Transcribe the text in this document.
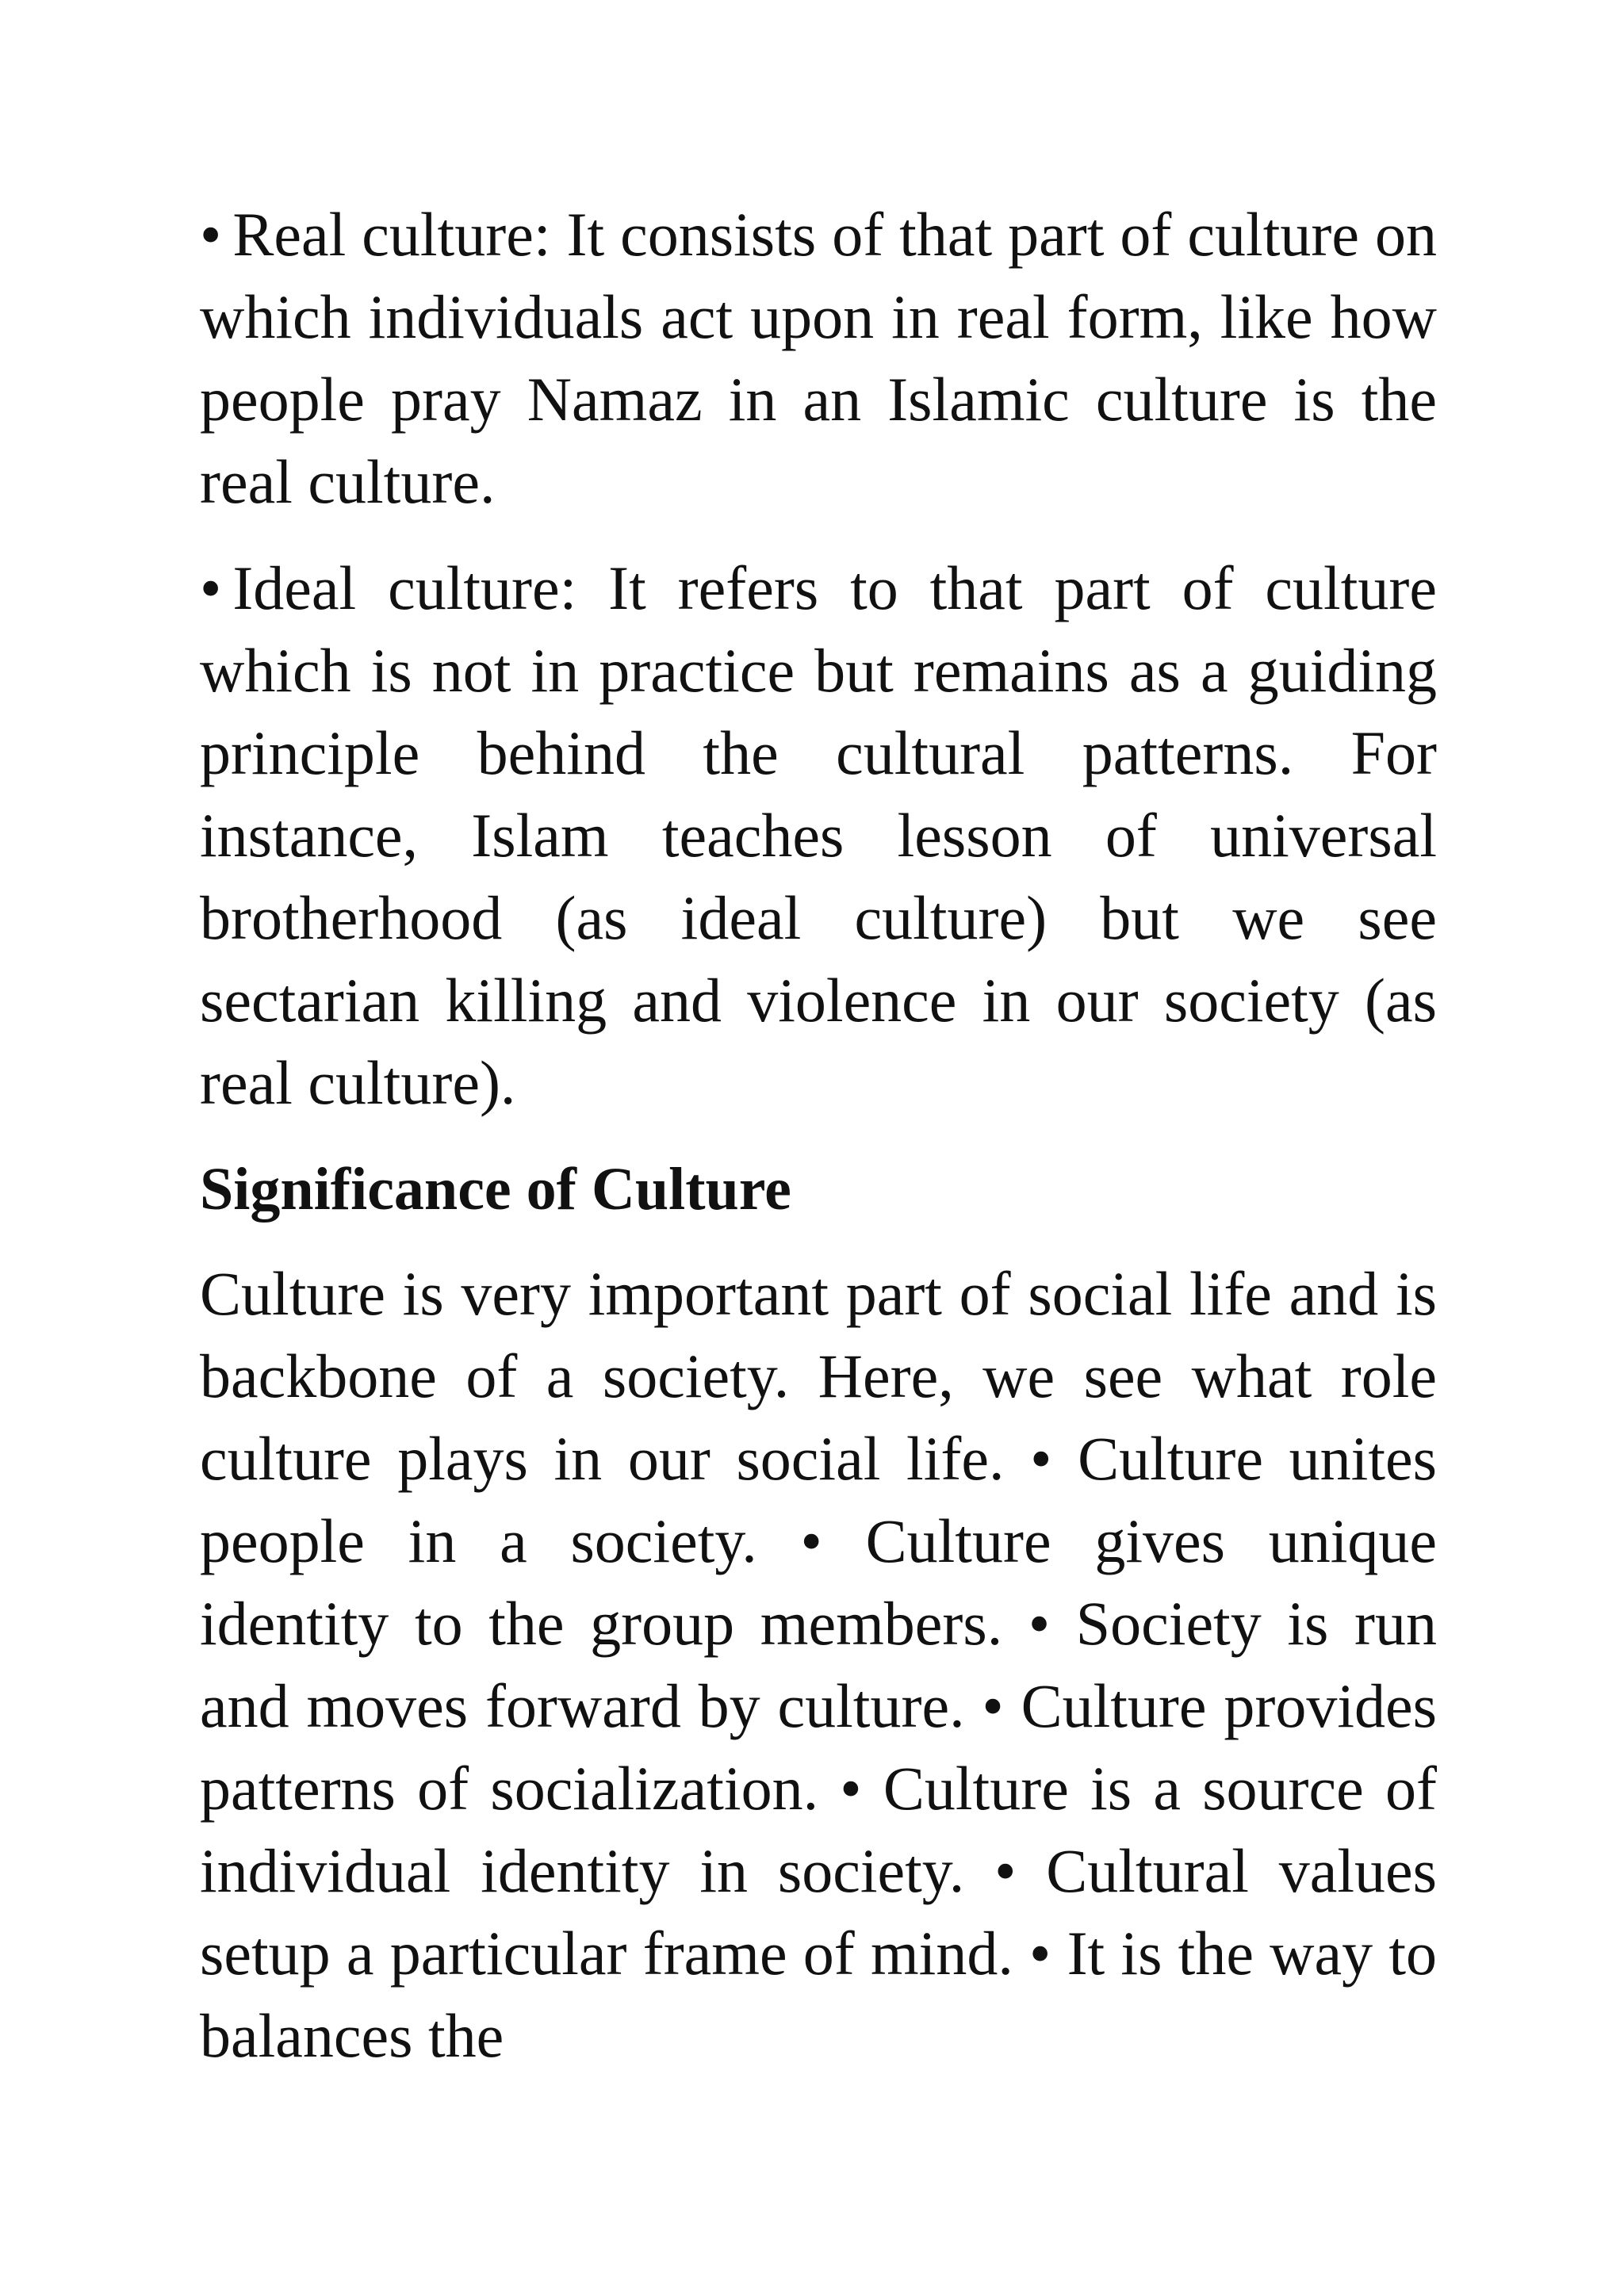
• Real culture: It consists of that part of culture on which individuals act upon in real form, like how people pray Namaz in an Islamic culture is the real culture.

• Ideal culture: It refers to that part of culture which is not in practice but remains as a guiding principle behind the cultural patterns. For instance, Islam teaches lesson of universal brotherhood (as ideal culture) but we see sectarian killing and violence in our society (as real culture).

Significance of Culture

Culture is very important part of social life and is backbone of a society. Here, we see what role culture plays in our social life. • Culture unites people in a society. • Culture gives unique identity to the group members. • Society is run and moves forward by culture. • Culture provides patterns of socialization. • Culture is a source of individual identity in society. • Cultural values setup a particular frame of mind. • It is the way to balances the
